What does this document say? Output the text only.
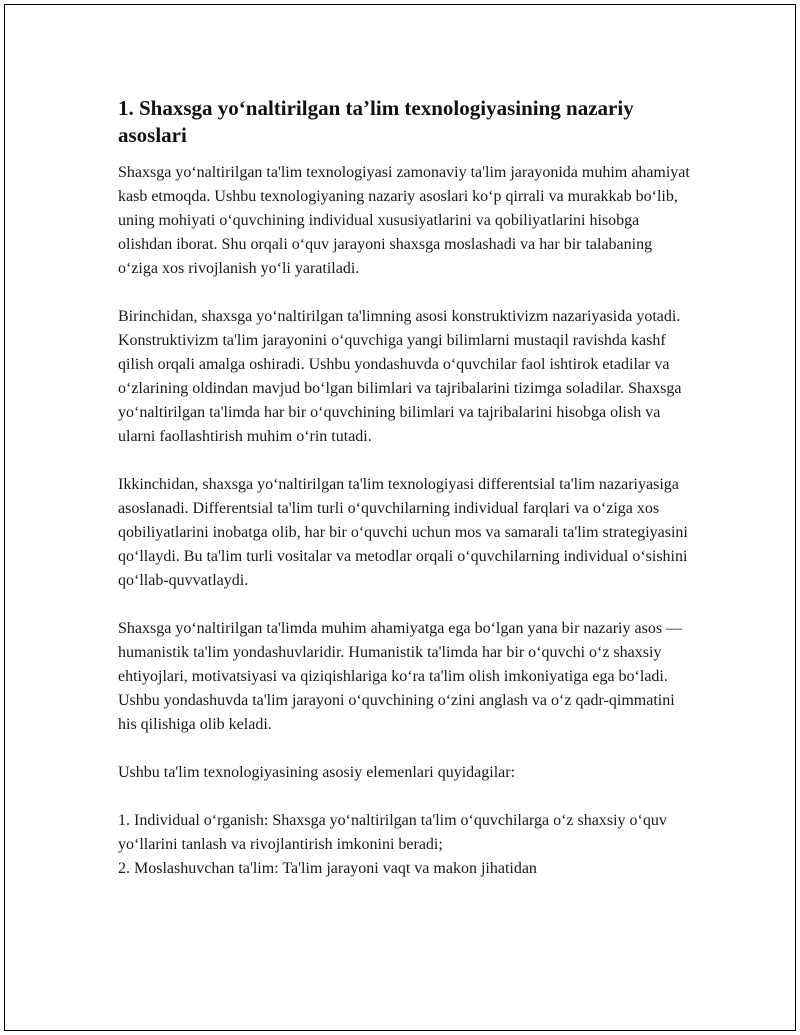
1. Shaxsga yo‘naltirilgan ta’lim texnologiyasining nazariy asoslari

Shaxsga yo‘naltirilgan ta'lim texnologiyasi zamonaviy ta'lim jarayonida muhim ahamiyat kasb etmoqda. Ushbu texnologiyaning nazariy asoslari ko‘p qirrali va murakkab bo‘lib, uning mohiyati o‘quvchining individual xususiyatlarini va qobiliyatlarini hisobga olishdan iborat. Shu orqali o‘quv jarayoni shaxsga moslashadi va har bir talabaning o‘ziga xos rivojlanish yo‘li yaratiladi.

Birinchidan, shaxsga yo‘naltirilgan ta'limning asosi konstruktivizm nazariyasida yotadi. Konstruktivizm ta'lim jarayonini o‘quvchiga yangi bilimlarni mustaqil ravishda kashf qilish orqali amalga oshiradi. Ushbu yondashuvda o‘quvchilar faol ishtirok etadilar va o‘zlarining oldindan mavjud bo‘lgan bilimlari va tajribalarini tizimga soladilar. Shaxsga yo‘naltirilgan ta'limda har bir o‘quvchining bilimlari va tajribalarini hisobga olish va ularni faollashtirish muhim o‘rin tutadi.

Ikkinchidan, shaxsga yo‘naltirilgan ta'lim texnologiyasi differentsial ta'lim nazariyasiga asoslanadi. Differentsial ta'lim turli o‘quvchilarning individual farqlari va o‘ziga xos qobiliyatlarini inobatga olib, har bir o‘quvchi uchun mos va samarali ta'lim strategiyasini qo‘llaydi. Bu ta'lim turli vositalar va metodlar orqali o‘quvchilarning individual o‘sishini qo‘llab-quvvatlaydi.

Shaxsga yo‘naltirilgan ta'limda muhim ahamiyatga ega bo‘lgan yana bir nazariy asos — humanistik ta'lim yondashuvlaridir. Humanistik ta'limda har bir o‘quvchi o‘z shaxsiy ehtiyojlari, motivatsiyasi va qiziqishlariga ko‘ra ta'lim olish imkoniyatiga ega bo‘ladi. Ushbu yondashuvda ta'lim jarayoni o‘quvchining o‘zini anglash va o‘z qadr-qimmatini his qilishiga olib keladi.

Ushbu ta'lim texnologiyasining asosiy elemenlari quyidagilar:

1. Individual o‘rganish: Shaxsga yo‘naltirilgan ta'lim o‘quvchilarga o‘z shaxsiy o‘quv yo‘llarini tanlash va rivojlantirish imkonini beradi;
2. Moslashuvchan ta'lim: Ta'lim jarayoni vaqt va makon jihatidan
